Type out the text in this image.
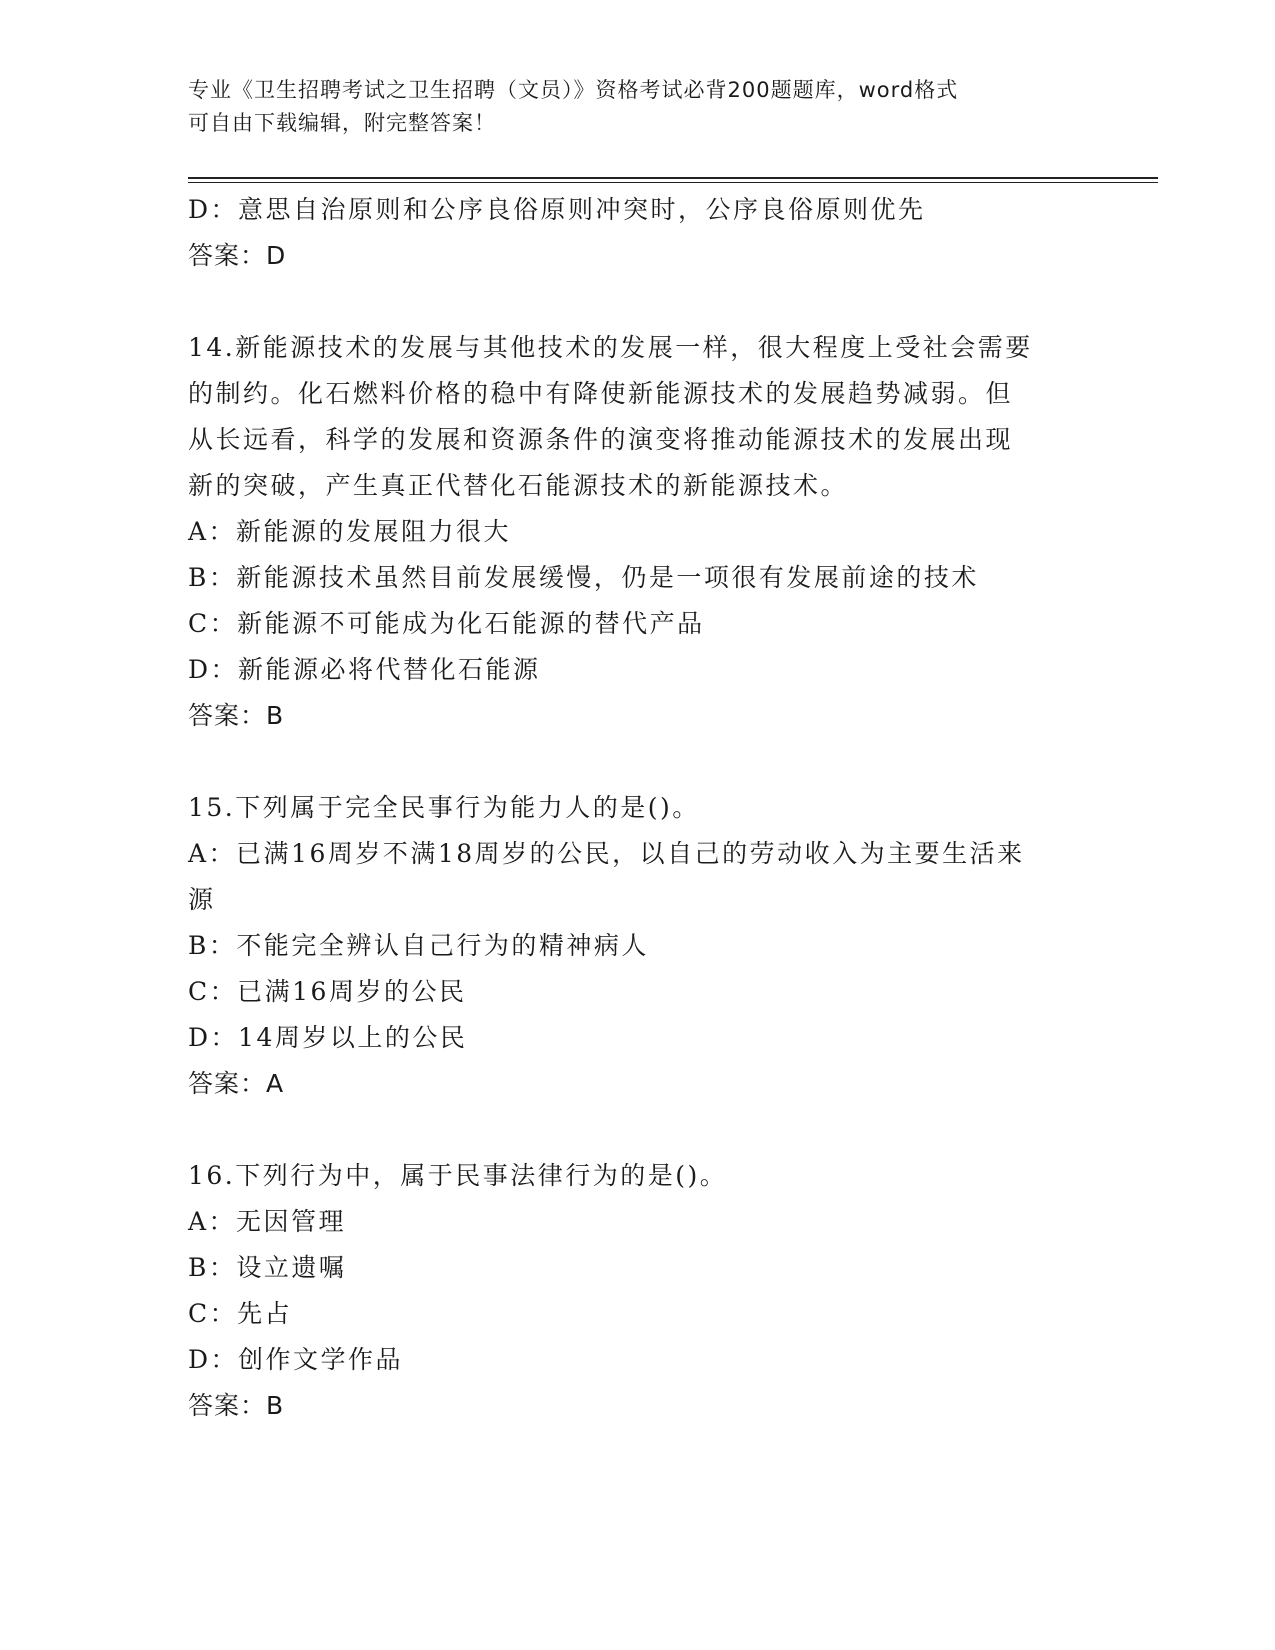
专业《卫生招聘考试之卫生招聘（文员）》资格考试必背200题题库，word格式
可自由下载编辑，附完整答案！
D：意思自治原则和公序良俗原则冲突时，公序良俗原则优先
答案：D
14.新能源技术的发展与其他技术的发展一样，很大程度上受社会需要
的制约。化石燃料价格的稳中有降使新能源技术的发展趋势减弱。但
从长远看，科学的发展和资源条件的演变将推动能源技术的发展出现
新的突破，产生真正代替化石能源技术的新能源技术。
A：新能源的发展阻力很大
B：新能源技术虽然目前发展缓慢，仍是一项很有发展前途的技术
C：新能源不可能成为化石能源的替代产品
D：新能源必将代替化石能源
答案：B
15.下列属于完全民事行为能力人的是()。
A：已满16周岁不满18周岁的公民，以自己的劳动收入为主要生活来
源
B：不能完全辨认自己行为的精神病人
C：已满16周岁的公民
D：14周岁以上的公民
答案：A
16.下列行为中，属于民事法律行为的是()。
A：无因管理
B：设立遗嘱
C：先占
D：创作文学作品
答案：B
